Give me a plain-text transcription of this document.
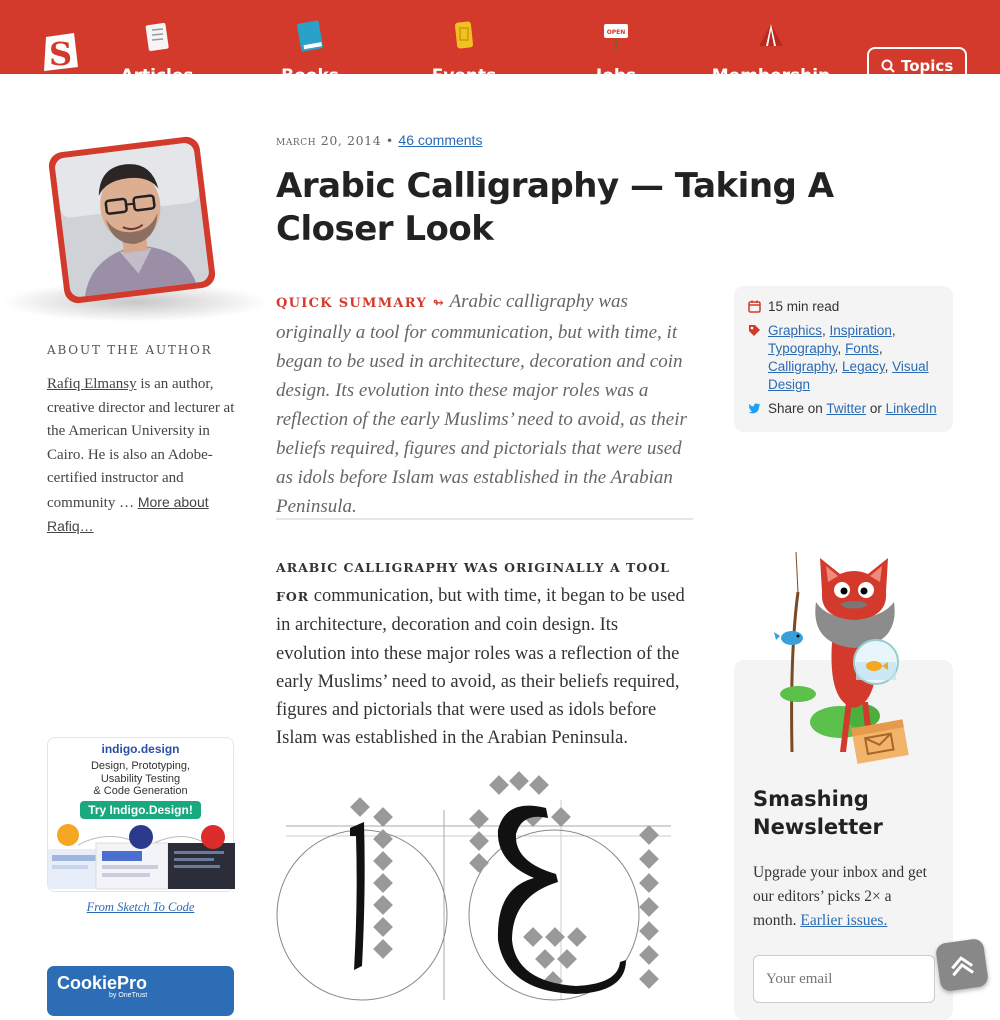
S
Articles	Books	Events
OPEN
Jobs	Membership	Topics
ABOUT THE AUTHOR
Rafiq Elmansy is an author, creative director and lecturer at the American University in Cairo. He is also an Adobe-certified instructor and community … More about Rafiq…
indigo.design
Design, Prototyping,
Usability Testing
& Code Generation
Try Indigo.Design!
From Sketch To Code
CookiePro
by OneTrust
march 20, 2014 • 46 comments
Arabic Calligraphy — Taking A Closer Look

QUICK SUMMARY ↬ Arabic calligraphy was originally a tool for communication, but with time, it began to be used in architecture, decoration and coin design. Its evolution into these major roles was a reflection of the early Muslims’ need to avoid, as their beliefs required, figures and pictorials that were used as idols before Islam was established in the Arabian Peninsula.

ARABIC CALLIGRAPHY WAS ORIGINALLY A TOOL FOR communication, but with time, it began to be used in architecture, decoration and coin design. Its evolution into these major roles was a reflection of the early Muslims’ need to avoid, as their beliefs required, figures and pictorials that were used as idols before Islam was established in the Arabian Peninsula.

15 min read
Graphics, Inspiration, Typography, Fonts, Calligraphy, Legacy, Visual Design
Share on Twitter or LinkedIn
Smashing Newsletter

Upgrade your inbox and get our editors’ picks 2× a month. Earlier issues.

Your email
